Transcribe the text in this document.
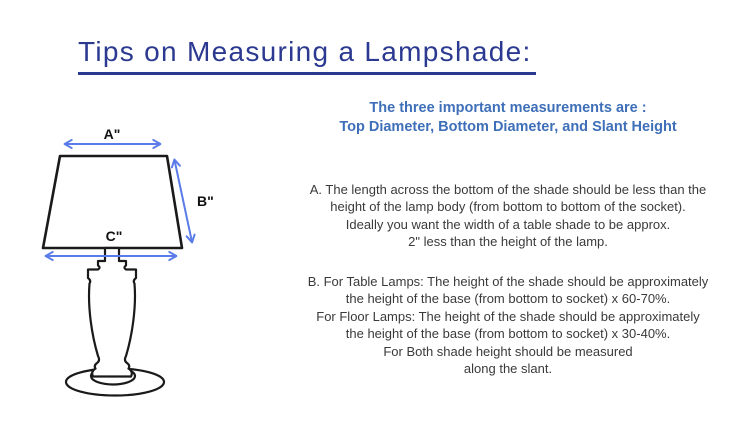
Tips on Measuring a Lampshade:
The three important measurements are :
Top Diameter, Bottom Diameter, and Slant Height
A. The length across the bottom of the shade should be less than the
height of the lamp body (from bottom to bottom of the socket).
Ideally you want the width of a table shade to be approx.
2" less than the height of the lamp.
B. For Table Lamps: The height of the shade should be approximately
the height of the base (from bottom to socket) x 60-70%.
For Floor Lamps: The height of the shade should be approximately
the height of the base (from bottom to socket) x 30-40%.
For Both shade height should be measured
along the slant.
A"
B"
C"
